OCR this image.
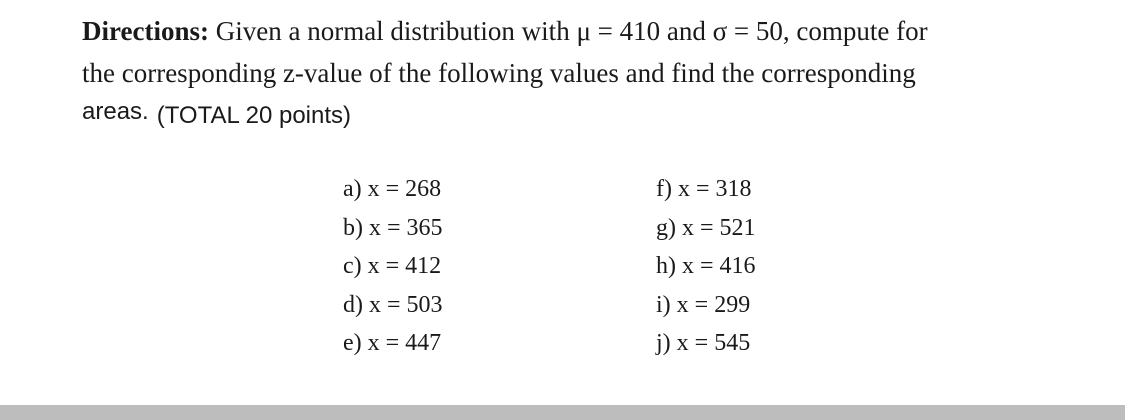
Directions: Given a normal distribution with μ = 410 and σ = 50, compute for
the corresponding z-value of the following values and find the corresponding
areas. (TOTAL 20 points)
a) x = 268
b) x = 365
c) x = 412
d) x = 503
e) x = 447
f) x = 318
g) x = 521
h) x = 416
i) x = 299
j) x = 545
